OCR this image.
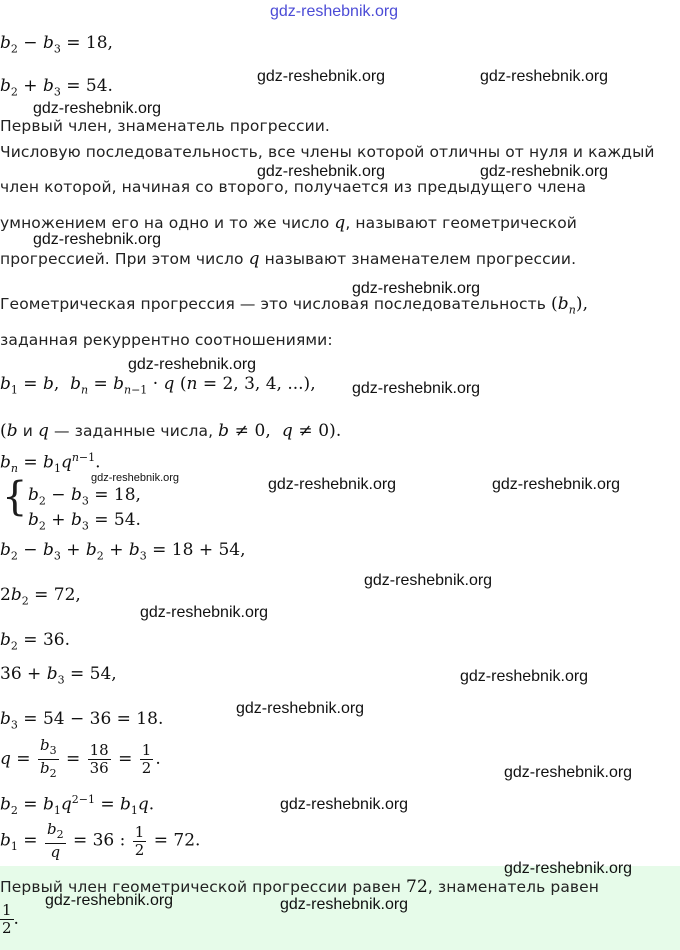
gdz-reshebnik.org
$b_2 - b_3 = 18$,
$b_2 + b_3 = 54$.	gdz-reshebnik.org	gdz-reshebnik.org
gdz-reshebnik.org
Первый член, знаменатель прогрессии.
Числовую последовательность, все члены которой отличны от нуля и каждый
gdz-reshebnik.org	gdz-reshebnik.org
член которой, начиная со второго, получается из предыдущего члена
умножением его на одно и то же число q, называют геометрической
gdz-reshebnik.org
прогрессией. При этом число q называют знаменателем прогрессии.
gdz-reshebnik.org
Геометрическая прогрессия — это числовая последовательность $(b_n)$,
заданная рекуррентно соотношениями:
gdz-reshebnik.org
$b_1 = b$,  $b_n = b_{n-1} \cdot q$ (n = 2, 3, 4, ...), gdz-reshebnik.org
(b и q — заданные числа, b ≠ 0,  q ≠ 0).
$b_n = b_1q^{n-1}$.
gdz-reshebnik.org
{ $b_2 - b_3 = 18$,
$b_2 + b_3 = 54$.
gdz-reshebnik.org	gdz-reshebnik.org
$b_2 - b_3 + b_2 + b_3 = 18 + 54$,
gdz-reshebnik.org
$2b_2 = 72$,
gdz-reshebnik.org
$b_2 = 36$.
$36 + b_3 = 54$,	gdz-reshebnik.org
gdz-reshebnik.org
$b_3 = 54 - 36 = 18$.
$q = \frac{b_3}{b_2} = \frac{18}{36} = \frac{1}{2}$ .
gdz-reshebnik.org
$b_2 = b_1q^{2-1} = b_1q$.	gdz-reshebnik.org
$b_1 = \frac{b_2}{q} = 36$ : $\frac{1}{2} = 72$.
gdz-reshebnik.org
Первый член геометрической прогрессии равен 72, знаменатель равен
gdz-reshebnik.org	gdz-reshebnik.org
$\frac{1}{2}$ .
